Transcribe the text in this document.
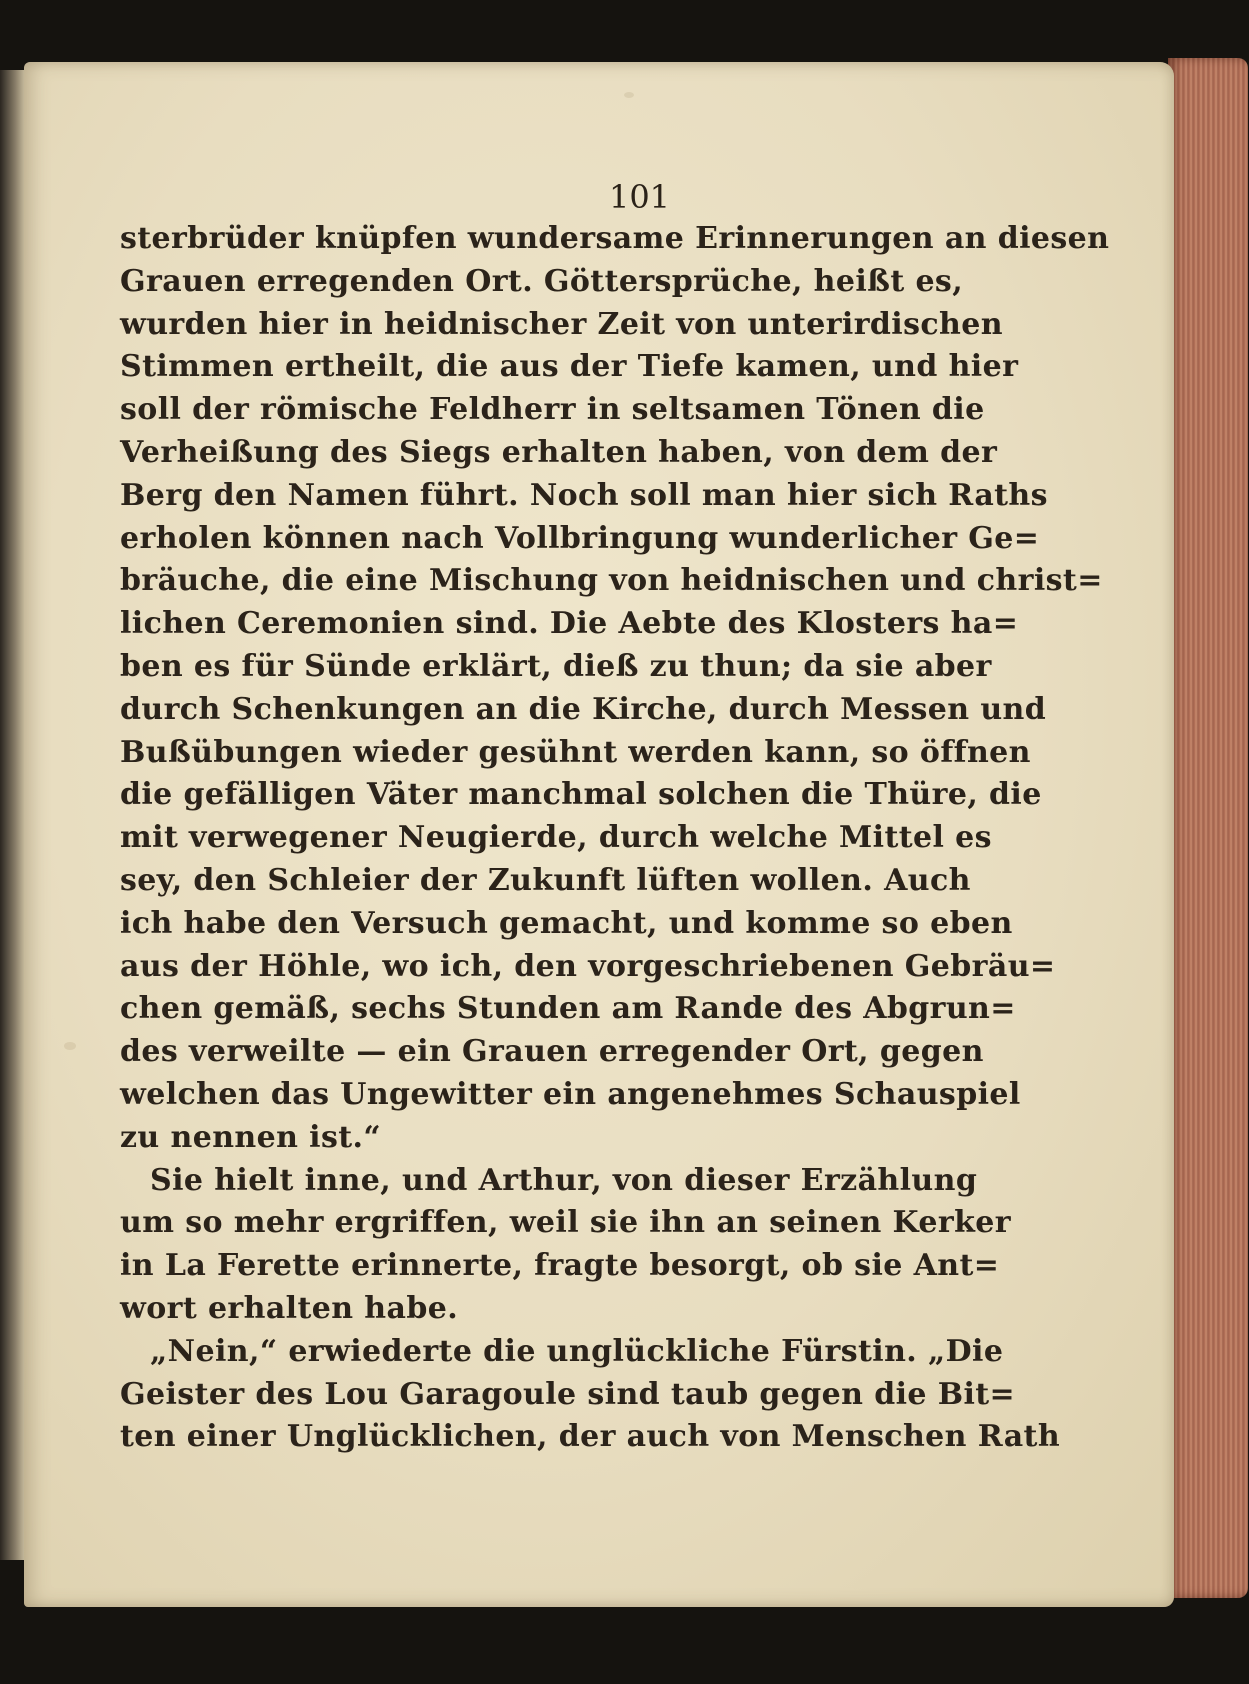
101
sterbrüder knüpfen wundersame Erinnerungen an diesen
Grauen erregenden Ort. Göttersprüche, heißt es,
wurden hier in heidnischer Zeit von unterirdischen
Stimmen ertheilt, die aus der Tiefe kamen, und hier
soll der römische Feldherr in seltsamen Tönen die
Verheißung des Siegs erhalten haben, von dem der
Berg den Namen führt. Noch soll man hier sich Raths
erholen können nach Vollbringung wunderlicher Ge=
bräuche, die eine Mischung von heidnischen und christ=
lichen Ceremonien sind. Die Aebte des Klosters ha=
ben es für Sünde erklärt, dieß zu thun; da sie aber
durch Schenkungen an die Kirche, durch Messen und
Bußübungen wieder gesühnt werden kann, so öffnen
die gefälligen Väter manchmal solchen die Thüre, die
mit verwegener Neugierde, durch welche Mittel es
sey, den Schleier der Zukunft lüften wollen. Auch
ich habe den Versuch gemacht, und komme so eben
aus der Höhle, wo ich, den vorgeschriebenen Gebräu=
chen gemäß, sechs Stunden am Rande des Abgrun=
des verweilte — ein Grauen erregender Ort, gegen
welchen das Ungewitter ein angenehmes Schauspiel
zu nennen ist.“
Sie hielt inne, und Arthur, von dieser Erzählung
um so mehr ergriffen, weil sie ihn an seinen Kerker
in La Ferette erinnerte, fragte besorgt, ob sie Ant=
wort erhalten habe.
„Nein,“ erwiederte die unglückliche Fürstin. „Die
Geister des Lou Garagoule sind taub gegen die Bit=
ten einer Unglücklichen, der auch von Menschen Rath
